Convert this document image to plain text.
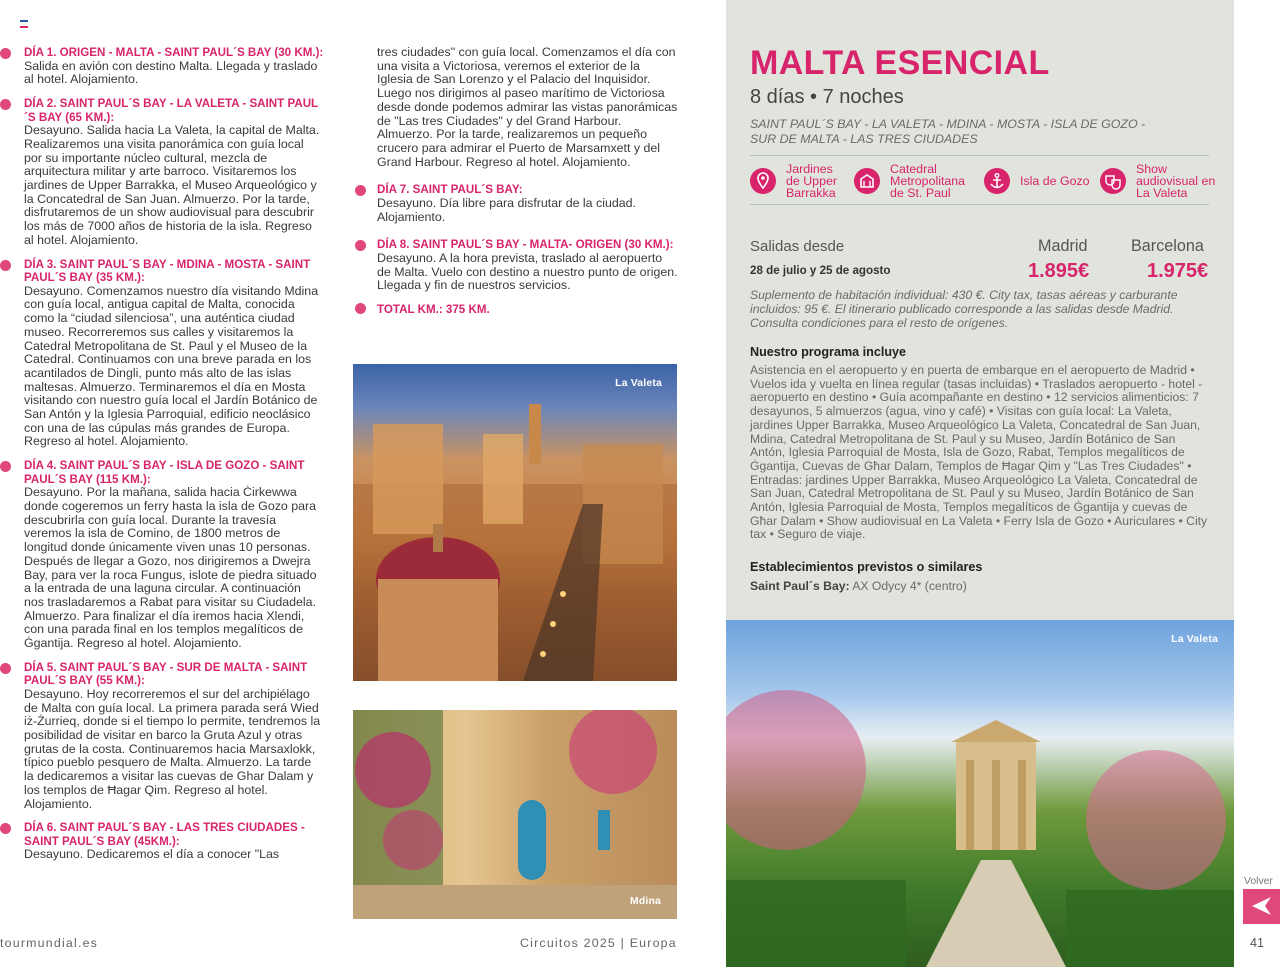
DÍA 1. ORIGEN - MALTA - SAINT PAUL´S BAY (30 KM.):
Salida en avión con destino Malta. Llegada y traslado al hotel. Alojamiento.
DÍA 2. SAINT PAUL´S BAY - LA VALETA - SAINT PAUL´S BAY (65 KM.):
Desayuno. Salida hacia La Valeta, la capital de Malta. Realizaremos una visita panorámica con guía local por su importante núcleo cultural, mezcla de arquitectura militar y arte barroco. Visitaremos los jardines de Upper Barrakka, el Museo Arqueológico y la Concatedral de San Juan. Almuerzo. Por la tarde, disfrutaremos de un show audiovisual para descubrir los más de 7000 años de historia de la isla. Regreso al hotel. Alojamiento.
DÍA 3. SAINT PAUL´S BAY - MDINA - MOSTA - SAINT PAUL´S BAY (35 KM.):
Desayuno. Comenzamos nuestro día visitando Mdina con guía local, antigua capital de Malta, conocida como la “ciudad silenciosa”, una auténtica ciudad museo. Recorreremos sus calles y visitaremos la Catedral Metropolitana de St. Paul y el Museo de la Catedral. Continuamos con una breve parada en los acantilados de Dingli, punto más alto de las islas maltesas. Almuerzo. Terminaremos el día en Mosta visitando con nuestro guía local el Jardín Botánico de San Antón y la Iglesia Parroquial, edificio neoclásico con una de las cúpulas más grandes de Europa. Regreso al hotel. Alojamiento.
DÍA 4. SAINT PAUL´S BAY - ISLA DE GOZO - SAINT PAUL´S BAY (115 KM.):
Desayuno. Por la mañana, salida hacia Ċirkewwa donde cogeremos un ferry hasta la isla de Gozo para descubrirla con guía local. Durante la travesía veremos la isla de Comino, de 1800 metros de longitud donde únicamente viven unas 10 personas. Después de llegar a Gozo, nos dirigiremos a Dwejra Bay, para ver la roca Fungus, islote de piedra situado a la entrada de una laguna circular. A continuación nos trasladaremos a Rabat para visitar su Ciudadela. Almuerzo. Para finalizar el día iremos hacia Xlendi, con una parada final en los templos megalíticos de Ġgantija. Regreso al hotel. Alojamiento.
DÍA 5. SAINT PAUL´S BAY - SUR DE MALTA - SAINT PAUL´S BAY (55 KM.):
Desayuno. Hoy recorreremos el sur del archipiélago de Malta con guía local. La primera parada será Wied iż-Żurrieq, donde si el tiempo lo permite, tendremos la posibilidad de visitar en barco la Gruta Azul y otras grutas de la costa. Continuaremos hacia Marsaxlokk, típico pueblo pesquero de Malta. Almuerzo. La tarde la dedicaremos a visitar las cuevas de Ghar Dalam y los templos de Ħagar Qim. Regreso al hotel. Alojamiento.
DÍA 6. SAINT PAUL´S BAY - LAS TRES CIUDADES - SAINT PAUL´S BAY (45KM.):
Desayuno. Dedicaremos el día a conocer "Las
tres ciudades" con guía local. Comenzamos el día con una visita a Victoriosa, veremos el exterior de la Iglesia de San Lorenzo y el Palacio del Inquisidor. Luego nos dirigimos al paseo marítimo de Victoriosa desde donde podemos admirar las vistas panorámicas de "Las tres Ciudades" y del Grand Harbour. Almuerzo. Por la tarde, realizaremos un pequeño crucero para admirar el Puerto de Marsamxett y del Grand Harbour. Regreso al hotel. Alojamiento.
DÍA 7. SAINT PAUL´S BAY:
Desayuno. Día libre para disfrutar de la ciudad. Alojamiento.
DÍA 8. SAINT PAUL´S BAY - MALTA- ORIGEN (30 KM.):
Desayuno. A la hora prevista, traslado al aeropuerto de Malta. Vuelo con destino a nuestro punto de origen. Llegada y fin de nuestros servicios.
TOTAL KM.: 375 KM.
La Valeta
Mdina
MALTA ESENCIAL
8 días • 7 noches
SAINT PAUL´S BAY - LA VALETA - MDINA - MOSTA - ISLA DE GOZO - SUR DE MALTA - LAS TRES CIUDADES
Jardines de Upper Barrakka
Catedral Metropolitana de St. Paul
Isla de Gozo
Show audiovisual en La Valeta
Salidas desde
28 de julio y 25 de agosto
Madrid
1.895€
Barcelona
1.975€
Suplemento de habitación individual: 430 €. City tax, tasas aéreas y carburante incluidos: 95 €. El itinerario publicado corresponde a las salidas desde Madrid. Consulta condiciones para el resto de orígenes.
Nuestro programa incluye
Asistencia en el aeropuerto y en puerta de embarque en el aeropuerto de Madrid • Vuelos ida y vuelta en línea regular (tasas incluidas) • Traslados aeropuerto - hotel - aeropuerto en destino • Guía acompañante en destino • 12 servicios alimenticios: 7 desayunos, 5 almuerzos (agua, vino y café) • Visitas con guía local: La Valeta, jardines Upper Barrakka, Museo Arqueológico La Valeta, Concatedral de San Juan, Mdina, Catedral Metropolitana de St. Paul y su Museo, Jardín Botánico de San Antón, Iglesia Parroquial de Mosta, Isla de Gozo, Rabat, Templos megalíticos de Ġgantija, Cuevas de Għar Dalam, Templos de Ħagar Qim y "Las Tres Ciudades" • Entradas: jardines Upper Barrakka, Museo Arqueológico La Valeta, Concatedral de San Juan, Catedral Metropolitana de St. Paul y su Museo, Jardín Botánico de San Antón, Iglesia Parroquial de Mosta, Templos megalíticos de Ġgantija y cuevas de Għar Dalam • Show audiovisual en La Valeta • Ferry Isla de Gozo • Auriculares • City tax • Seguro de viaje.
Establecimientos previstos o similares
Saint Paul´s Bay: AX Odycy 4* (centro)
La Valeta
tourmundial.es	Circuitos 2025 | Europa
Volver
41
